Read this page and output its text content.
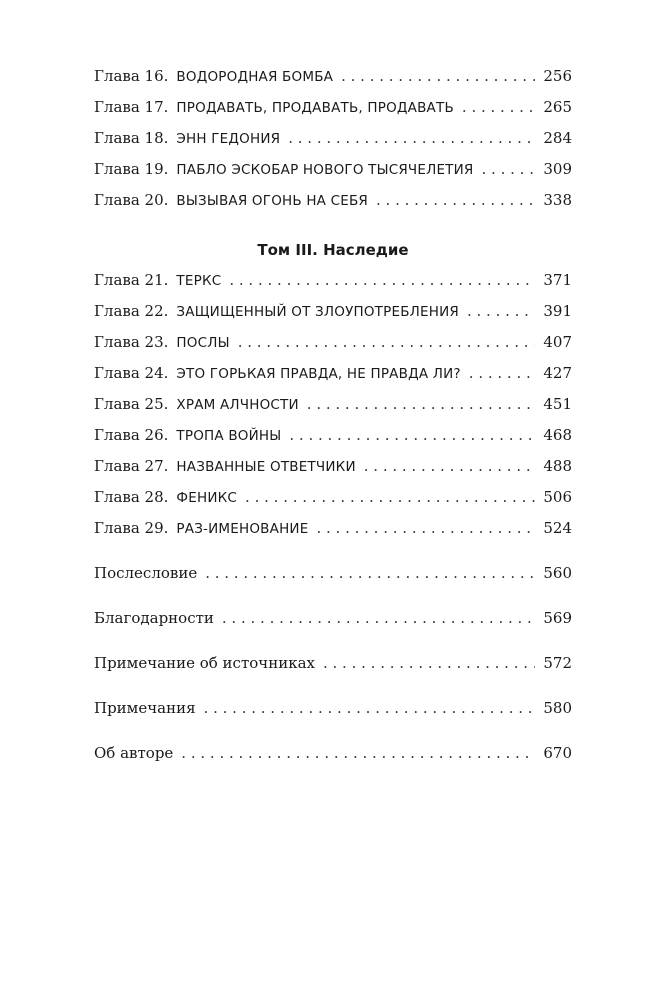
Глава 16. ВОДОРОДНАЯ БОМБА . . .	256
Глава 17. ПРОДАВАТЬ, ПРОДАВАТЬ, ПРОДАВАТЬ . . .	265
Глава 18. ЭНН ГЕДОНИЯ . . .	284
Глава 19. ПАБЛО ЭСКОБАР НОВОГО ТЫСЯЧЕЛЕТИЯ . . .	309
Глава 20. ВЫЗЫВАЯ ОГОНЬ НА СЕБЯ . . .	338
Глава 21. ТЕРКС . . .	371
Глава 22. ЗАЩИЩЕННЫЙ ОТ ЗЛОУПОТРЕБЛЕНИЯ . . .	391
Глава 23. ПОСЛЫ . . .	407
Глава 24. ЭТО ГОРЬКАЯ ПРАВДА, НЕ ПРАВДА ЛИ? . . .	427
Глава 25. ХРАМ АЛЧНОСТИ . . .	451
Глава 26. ТРОПА ВОЙНЫ . . .	468
Глава 27. НАЗВАННЫЕ ОТВЕТЧИКИ . . .	488
Глава 28. ФЕНИКС . . .	506
Глава 29. РАЗ-ИМЕНОВАНИЕ . . .	524
Послесловие . . .	560
Благодарности . . .	569
Примечание об источниках . . .	572
Примечания . . .	580
Об авторе . . .	670
Том III. Наследие
